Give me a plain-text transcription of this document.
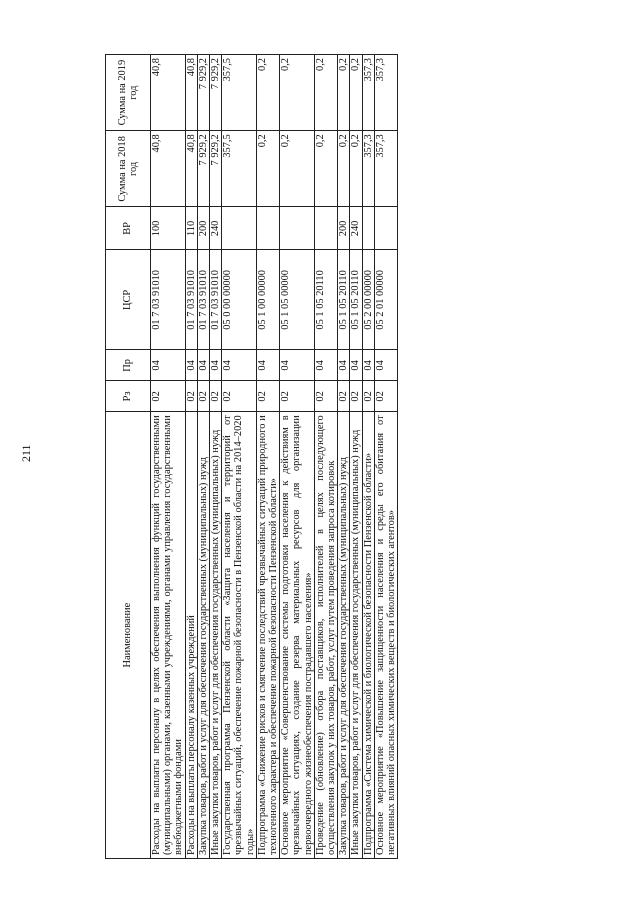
211
Наименование	Рз	Пр	ЦСР	ВР	Сумма на 2018 год	Сумма на 2019 год
Расходы на выплаты персоналу в целях обеспечения выполнения функций государственными (муниципальными) органами, казенными учреждениями, органами управления государственными внебюджетными фондами	02	04	01 7 03 91010	100	40,8	40,8
Расходы на выплаты персоналу казенных учреждений	02	04	01 7 03 91010	110	40,8	40,8
Закупка товаров, работ и услуг для обеспечения государственных (муниципальных) нужд	02	04	01 7 03 91010	200	7 929,2	7 929,2
Иные закупки товаров, работ и услуг для обеспечения государственных (муниципальных) нужд	02	04	01 7 03 91010	240	7 929,2	7 929,2
Государственная программа Пензенской области «Защита населения и территорий от чрезвычайных ситуаций, обеспечение пожарной безопасности в Пензенской области на 2014–2020 годы»	02	04	05 0 00 00000		357,5	357,5
Подпрограмма «Снижение рисков и смягчение последствий чрезвычайных ситуаций природного и техногенного характера и обеспечение пожарной безопасности Пензенской области»	02	04	05 1 00 00000		0,2	0,2
Основное мероприятие «Совершенствование системы подготовки населения к действиям в чрезвычайных ситуациях, создание резерва материальных ресурсов для организации первоочередного жизнеобеспечения пострадавшего населения»	02	04	05 1 05 00000		0,2	0,2
Проведение (обновление) отбора поставщиков, исполнителей в целях последующего осуществления закупок у них товаров, работ, услуг путем проведения запроса котировок	02	04	05 1 05 20110		0,2	0,2
Закупка товаров, работ и услуг для обеспечения государственных (муниципальных) нужд	02	04	05 1 05 20110	200	0,2	0,2
Иные закупки товаров, работ и услуг для обеспечения государственных (муниципальных) нужд	02	04	05 1 05 20110	240	0,2	0,2
Подпрограмма «Система химической и биологической безопасности Пензенской области»	02	04	05 2 00 00000		357,3	357,3
Основное мероприятие «Повышение защищенности населения и среды его обитания от негативных влияний опасных химических веществ и биологических агентов»	02	04	05 2 01 00000		357,3	357,3
